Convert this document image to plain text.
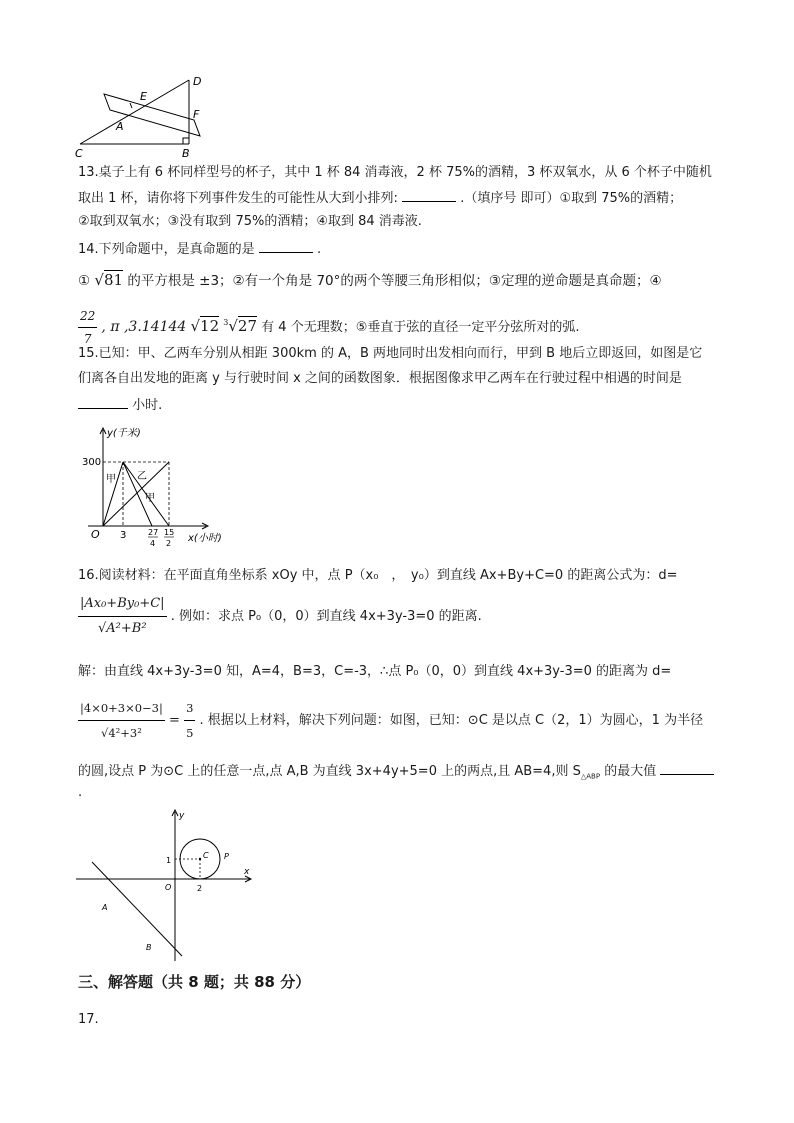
D
E
F
A
C	B
13.桌子上有 6 杯同样型号的杯子，其中 1 杯 84 消毒液，2 杯 75%的酒精，3 杯双氧水，从 6 个杯子中随机
取出 1 杯，请你将下列事件发生的可能性从大到小排列:	.（填序号 即可）①取到 75%的酒精；
②取到双氧水；③没有取到 75%的酒精；④取到 84 消毒液.
14.下列命题中，是真命题的是	.
① √81 的平方根是 ±3；②有一个角是 70°的两个等腰三角形相似；③定理的逆命题是真命题；④
$\frac{22}{7}$ , π ,3.14144 √12 $^3$√27 有 4 个无理数；⑤垂直于弦的直径一定平分弦所对的弧.
15.已知：甲、乙两车分别从相距 300km 的 A，B 两地同时出发相向而行，甲到 B 地后立即返回，如图是它
们离各自出发地的距离 y 与行驶时间 x 之间的函数图象．根据图像求甲乙两车在行驶过程中相遇的时间是
小时.
y(千米)
x(小时)
300
O 3	27
4
15
2
甲 乙
甲
16.阅读材料：在平面直角坐标系 xOy 中，点 P（x₀　，　y₀）到直线 Ax+By+C=0 的距离公式为：d=
$\frac{\text{|Ax₀+By₀+C|}}{\text{√A²+B²}}$ . 例如：求点 P₀（0，0）到直线 4x+3y-3=0 的距离.
解：由直线 4x+3y-3=0 知，A=4，B=3，C=-3，∴点 P₀（0，0）到直线 4x+3y-3=0 的距离为 d=
$\frac{|4\times 0+3\times 0-3|}{\text{√4²+3²}} = \frac{3}{5}$ . 根据以上材料，解决下列问题：如图，已知：⊙C 是以点 C（2，1）为圆心，1 为半径
的圆,设点 P 为⊙C 上的任意一点,点 A,B 为直线 3x+4y+5=0 上的两点,且 AB=4,则 $S_{\triangle ABP}$ 的最大值
.
y
x
C P
1
O	2
A
B
三、解答题（共 8 题；共 88 分）
17.
